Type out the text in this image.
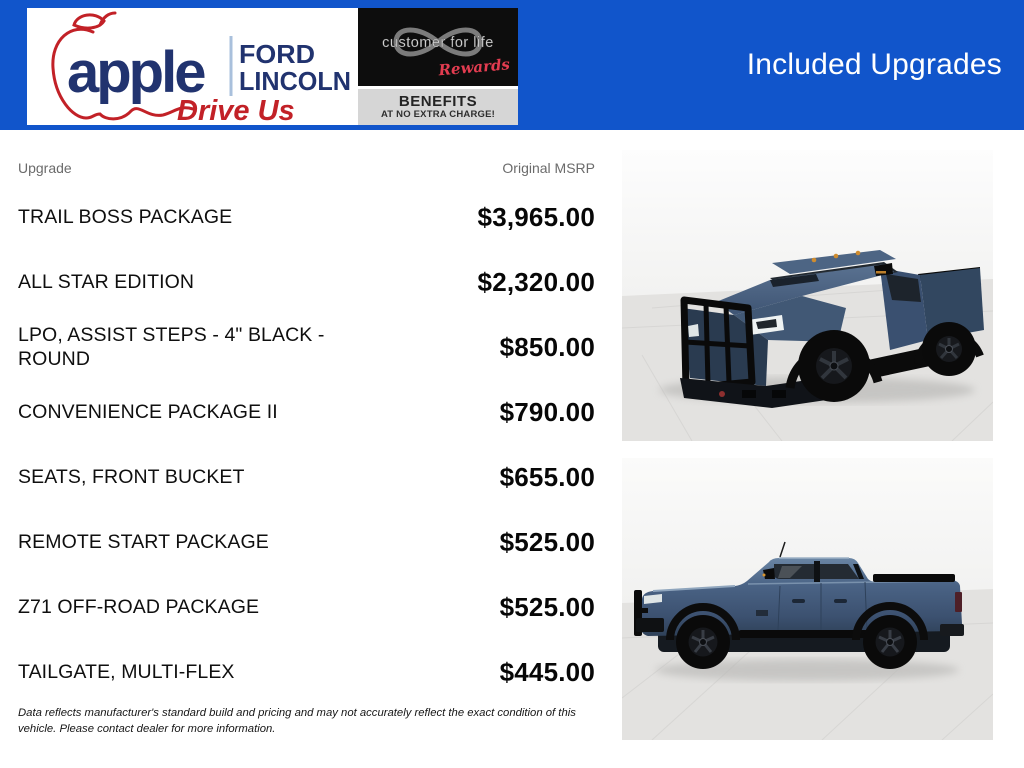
apple FORD
LINCOLN
Drive Us
customer for life
Rewards
BENEFITS
AT NO EXTRA CHARGE!
Included Upgrades
Upgrade	Original MSRP
TRAIL BOSS PACKAGE	$3,965.00
ALL STAR EDITION	$2,320.00
LPO, ASSIST STEPS - 4" BLACK - ROUND	$850.00
CONVENIENCE PACKAGE II	$790.00
SEATS, FRONT BUCKET	$655.00
REMOTE START PACKAGE	$525.00
Z71 OFF-ROAD PACKAGE	$525.00
TAILGATE, MULTI-FLEX	$445.00

Data reflects manufacturer's standard build and pricing and may not accurately reflect the exact condition of this vehicle. Please contact dealer for more information.
